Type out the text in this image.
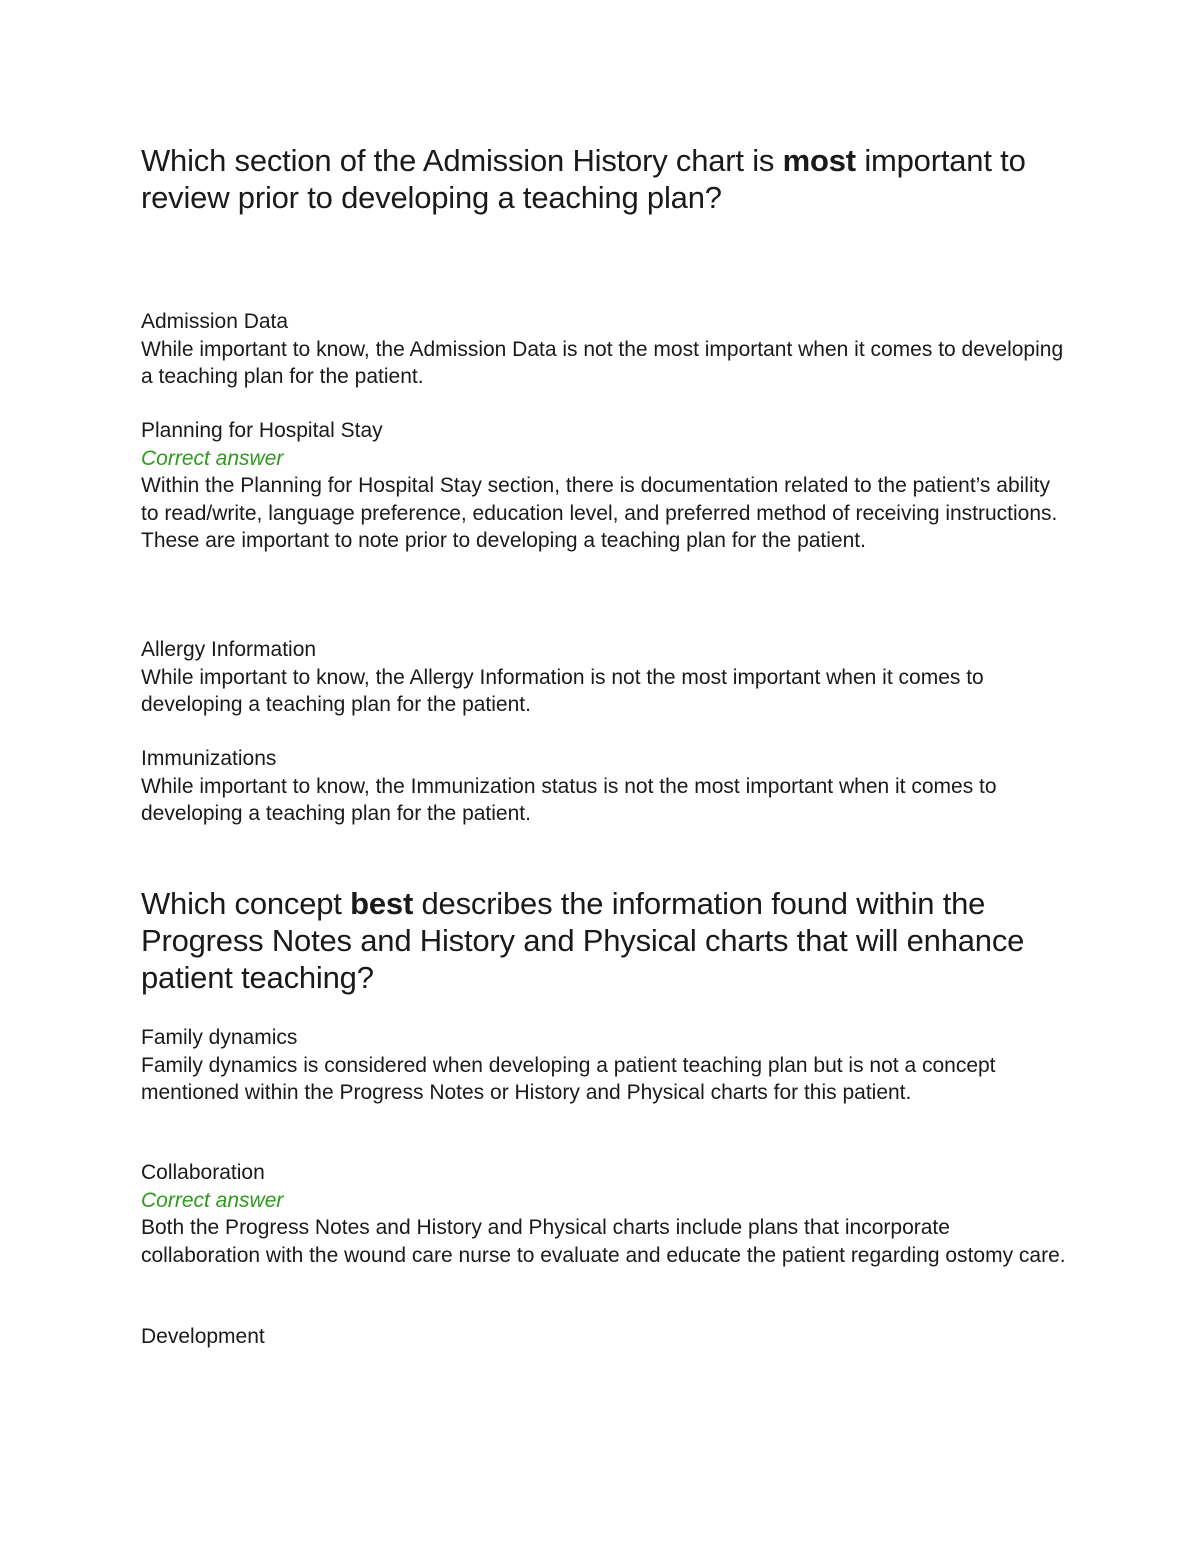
Which section of the Admission History chart is most important to review prior to developing a teaching plan?
Admission Data
While important to know, the Admission Data is not the most important when it comes to developing a teaching plan for the patient.
Planning for Hospital Stay
Correct answer
Within the Planning for Hospital Stay section, there is documentation related to the patient’s ability to read/write, language preference, education level, and preferred method of receiving instructions. These are important to note prior to developing a teaching plan for the patient.
Allergy Information
While important to know, the Allergy Information is not the most important when it comes to developing a teaching plan for the patient.
Immunizations
While important to know, the Immunization status is not the most important when it comes to developing a teaching plan for the patient.
Which concept best describes the information found within the Progress Notes and History and Physical charts that will enhance patient teaching?
Family dynamics
Family dynamics is considered when developing a patient teaching plan but is not a concept mentioned within the Progress Notes or History and Physical charts for this patient.
Collaboration
Correct answer
Both the Progress Notes and History and Physical charts include plans that incorporate collaboration with the wound care nurse to evaluate and educate the patient regarding ostomy care.
Development
